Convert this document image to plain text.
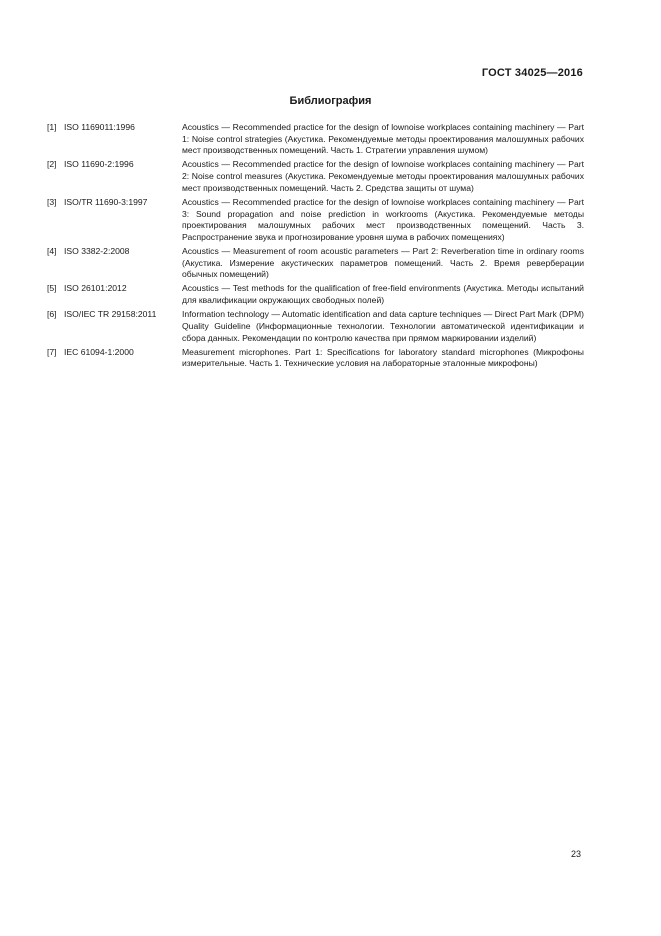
ГОСТ 34025—2016
Библиография
[1] ISO 1169011:1996	Acoustics — Recommended practice for the design of lownoise workplaces containing machinery — Part 1: Noise control strategies (Акустика. Рекомендуемые методы проектирования малошумных рабочих мест производственных помещений. Часть 1. Стратегии управления шумом)
[2] ISO 11690-2:1996	Acoustics — Recommended practice for the design of lownoise workplaces containing machinery — Part 2: Noise control measures (Акустика. Рекомендуемые методы проектирования малошумных рабочих мест производственных помещений. Часть 2. Средства защиты от шума)
[3] ISO/TR 11690-3:1997	Acoustics — Recommended practice for the design of lownoise workplaces containing machinery — Part 3: Sound propagation and noise prediction in workrooms (Акустика. Рекомендуемые методы проектирования малошумных рабочих мест производственных помещений. Часть 3. Распространение звука и прогнозирование уровня шума в рабочих помещениях)
[4] ISO 3382-2:2008	Acoustics — Measurement of room acoustic parameters — Part 2: Reverberation time in ordinary rooms (Акустика. Измерение акустических параметров помещений. Часть 2. Время реверберации обычных помещений)
[5] ISO 26101:2012	Acoustics — Test methods for the qualification of free-field environments (Акустика. Методы испытаний для квалификации окружающих свободных полей)
[6] ISO/IEC TR 29158:2011	Information technology — Automatic identification and data capture techniques — Direct Part Mark (DPM) Quality Guideline (Информационные технологии. Технологии автоматической идентификации и сбора данных. Рекомендации по контролю качества при прямом маркировании изделий)
[7] IEC 61094-1:2000	Measurement microphones. Part 1: Specifications for laboratory standard microphones (Микрофоны измерительные. Часть 1. Технические условия на лабораторные эталонные микрофоны)
23
